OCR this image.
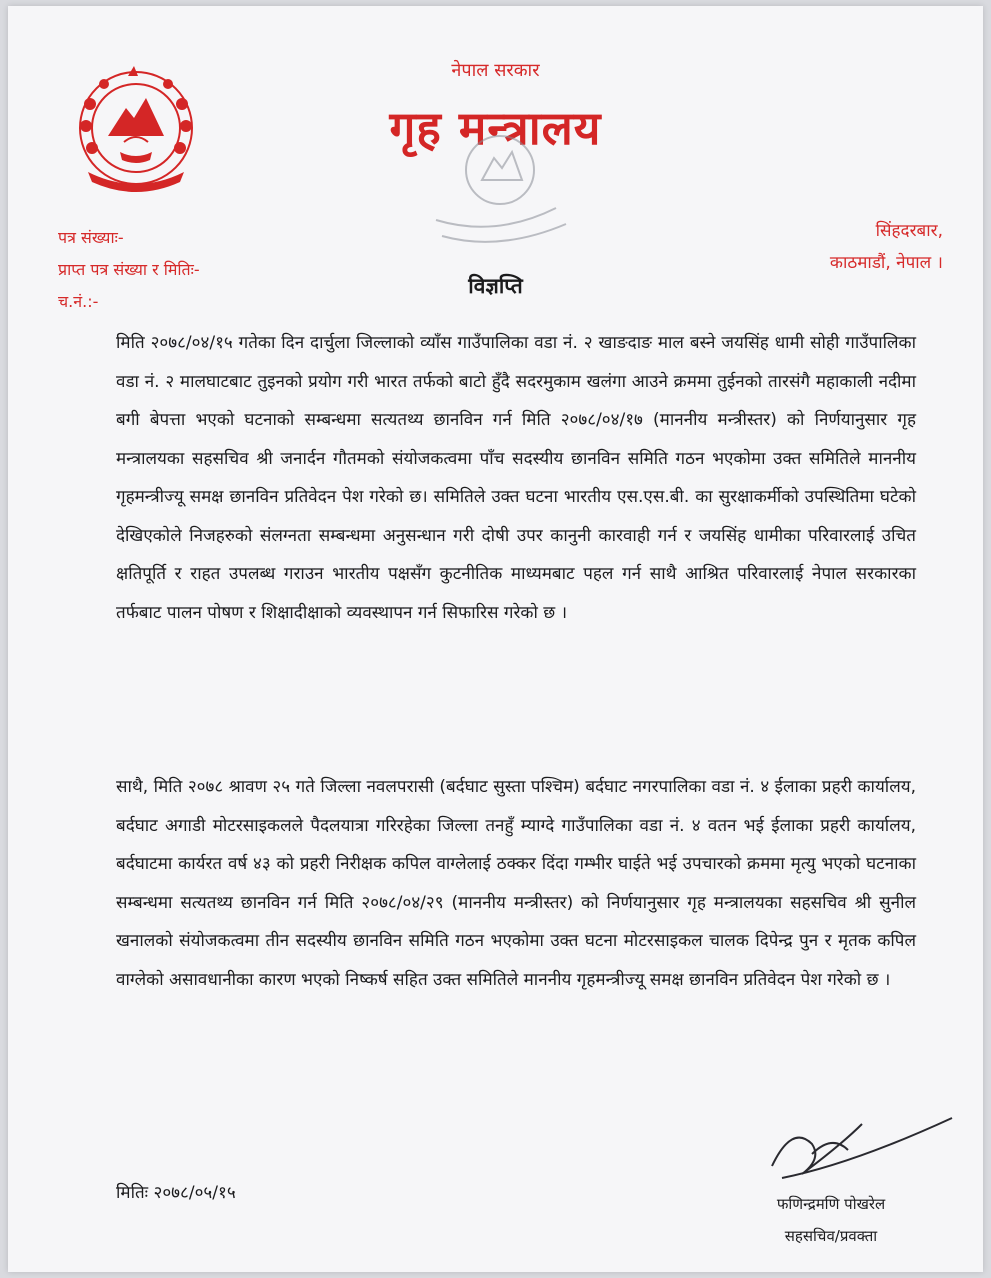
नेपाल सरकार
गृह मन्त्रालय
पत्र संख्याः-
प्राप्त पत्र संख्या र मितिः-
च.नं.:-
सिंहदरबार,
काठमाडौं, नेपाल ।
विज्ञप्ति

मिति २०७८/०४/१५ गतेका दिन दार्चुला जिल्लाको व्याँस गाउँपालिका वडा नं. २ खाङदाङ माल बस्ने जयसिंह धामी सोही गाउँपालिका वडा नं. २ मालघाटबाट तुइनको प्रयोग गरी भारत तर्फको बाटो हुँदै सदरमुकाम खलंगा आउने क्रममा तुईनको तारसंगै महाकाली नदीमा बगी बेपत्ता भएको घटनाको सम्बन्धमा सत्यतथ्य छानविन गर्न मिति २०७८/०४/१७ (माननीय मन्त्रीस्तर) को निर्णयानुसार गृह मन्त्रालयका सहसचिव श्री जनार्दन गौतमको संयोजकत्वमा पाँच सदस्यीय छानविन समिति गठन भएकोमा उक्त समितिले माननीय गृहमन्त्रीज्यू समक्ष छानविन प्रतिवेदन पेश गरेको छ। समितिले उक्त घटना भारतीय एस.एस.बी. का सुरक्षाकर्मीको उपस्थितिमा घटेको देखिएकोले निजहरुको संलग्नता सम्बन्धमा अनुसन्धान गरी दोषी उपर कानुनी कारवाही गर्न र जयसिंह धामीका परिवारलाई उचित क्षतिपूर्ति र राहत उपलब्ध गराउन भारतीय पक्षसँग कुटनीतिक माध्यमबाट पहल गर्न साथै आश्रित परिवारलाई नेपाल सरकारका तर्फबाट पालन पोषण र शिक्षादीक्षाको व्यवस्थापन गर्न सिफारिस गरेको छ ।

साथै, मिति २०७८ श्रावण २५ गते जिल्ला नवलपरासी (बर्दघाट सुस्ता पश्चिम) बर्दघाट नगरपालिका वडा नं. ४ ईलाका प्रहरी कार्यालय, बर्दघाट अगाडी मोटरसाइकलले पैदलयात्रा गरिरहेका जिल्ला तनहुँ म्याग्दे गाउँपालिका वडा नं. ४ वतन भई ईलाका प्रहरी कार्यालय, बर्दघाटमा कार्यरत वर्ष ४३ को प्रहरी निरीक्षक कपिल वाग्लेलाई ठक्कर दिंदा गम्भीर घाईते भई उपचारको क्रममा मृत्यु भएको घटनाका सम्बन्धमा सत्यतथ्य छानविन गर्न मिति २०७८/०४/२९ (माननीय मन्त्रीस्तर) को निर्णयानुसार गृह मन्त्रालयका सहसचिव श्री सुनील खनालको संयोजकत्वमा तीन सदस्यीय छानविन समिति गठन भएकोमा उक्त घटना मोटरसाइकल चालक दिपेन्द्र पुन र मृतक कपिल वाग्लेको असावधानीका कारण भएको निष्कर्ष सहित उक्त समितिले माननीय गृहमन्त्रीज्यू समक्ष छानविन प्रतिवेदन पेश गरेको छ ।

मितिः २०७८/०५/१५
फणिन्द्रमणि पोखरेल
सहसचिव/प्रवक्ता
